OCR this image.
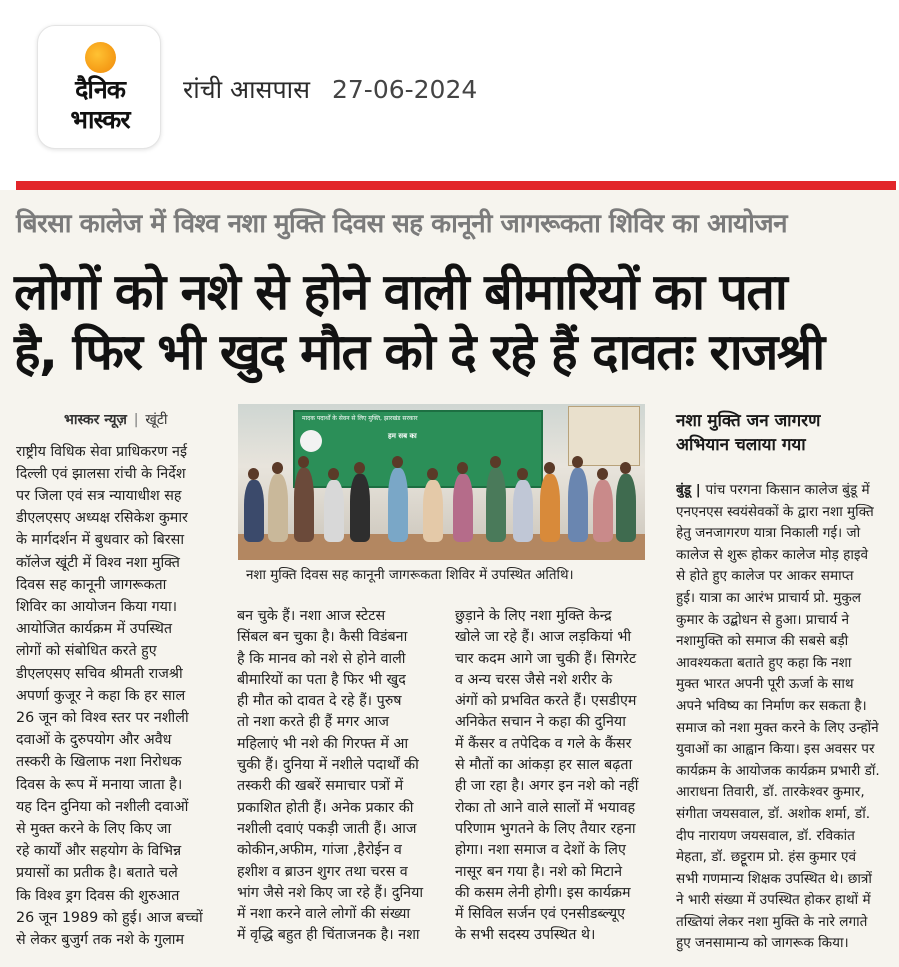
दैनिक
भास्कर
रांची आसपास 27-06-2024
बिरसा कालेज में विश्व नशा मुक्ति दिवस सह कानूनी जागरूकता शिविर का आयोजन
लोगों को नशे से होने वाली बीमारियों का पता
है, फिर भी खुद मौत को दे रहे हैं दावतः राजश्री
भास्कर न्यूज़ | खूंटी
राष्ट्रीय विधिक सेवा प्राधिकरण नई
दिल्ली एवं झालसा रांची के निर्देश
पर जिला एवं सत्र न्यायाधीश सह
डीएलएसए अध्यक्ष रसिकेश कुमार
के मार्गदर्शन में बुधवार को बिरसा
कॉलेज खूंटी में विश्व नशा मुक्ति
दिवस सह कानूनी जागरूकता
शिविर का आयोजन किया गया।
आयोजित कार्यक्रम में उपस्थित
लोगों को संबोधित करते हुए
डीएलएसए सचिव श्रीमती राजश्री
अपर्णा कुजूर ने कहा कि हर साल
26 जून को विश्व स्तर पर नशीली
दवाओं के दुरुपयोग और अवैध
तस्करी के खिलाफ नशा निरोधक
दिवस के रूप में मनाया जाता है।
यह दिन दुनिया को नशीली दवाओं
से मुक्त करने के लिए किए जा
रहे कार्यों और सहयोग के विभिन्न
प्रयासों का प्रतीक है। बताते चले
कि विश्व ड्रग दिवस की शुरुआत
26 जून 1989 को हुई। आज बच्चों
से लेकर बुजुर्ग तक नशे के गुलाम
मादक पदार्थों के सेवन से लिए मुक्ति, झारखंड सरकार
हम सब का
नशा मुक्ति दिवस सह कानूनी जागरूकता शिविर में उपस्थित अतिथि।
बन चुके हैं। नशा आज स्टेटस
सिंबल बन चुका है। कैसी विडंबना
है कि मानव को नशे से होने वाली
बीमारियों का पता है फिर भी खुद
ही मौत को दावत दे रहे हैं। पुरुष
तो नशा करते ही हैं मगर आज
महिलाएं भी नशे की गिरफ्त में आ
चुकी हैं। दुनिया में नशीले पदार्थों की
तस्करी की खबरें समाचार पत्रों में
प्रकाशित होती हैं। अनेक प्रकार की
नशीली दवाएं पकड़ी जाती हैं। आज
कोकीन,अफीम, गांजा ,हैरोईन व
हशीश व ब्राउन शुगर तथा चरस व
भांग जैसे नशे किए जा रहे हैं। दुनिया
में नशा करने वाले लोगों की संख्या
में वृद्धि बहुत ही चिंताजनक है। नशा
छुड़ाने के लिए नशा मुक्ति केन्द्र
खोले जा रहे हैं। आज लड़कियां भी
चार कदम आगे जा चुकी हैं। सिगरेट
व अन्य चरस जैसे नशे शरीर के
अंगों को प्रभवित करते हैं। एसडीएम
अनिकेत सचान ने कहा की दुनिया
में कैंसर व तपेदिक व गले के कैंसर
से मौतों का आंकड़ा हर साल बढ़ता
ही जा रहा है। अगर इन नशे को नहीं
रोका तो आने वाले सालों में भयावह
परिणाम भुगतने के लिए तैयार रहना
होगा। नशा समाज व देशों के लिए
नासूर बन गया है। नशे को मिटाने
की कसम लेनी होगी। इस कार्यक्रम
में सिविल सर्जन एवं एनसीडब्ल्यूए
के सभी सदस्य उपस्थित थे।
नशा मुक्ति जन जागरण
अभियान चलाया गया
बुंडू | पांच परगना किसान कालेज बुंडू में
एनएनएस स्वयंसेवकों के द्वारा नशा मुक्ति
हेतु जनजागरण यात्रा निकाली गई। जो
कालेज से शुरू होकर कालेज मोड़ हाइवे
से होते हुए कालेज पर आकर समाप्त
हुई। यात्रा का आरंभ प्राचार्य प्रो. मुकुल
कुमार के उद्बोधन से हुआ। प्राचार्य ने
नशामुक्ति को समाज की सबसे बड़ी
आवश्यकता बताते हुए कहा कि नशा
मुक्त भारत अपनी पूरी ऊर्जा के साथ
अपने भविष्य का निर्माण कर सकता है।
समाज को नशा मुक्त करने के लिए उन्होंने
युवाओं का आह्वान किया। इस अवसर पर
कार्यक्रम के आयोजक कार्यक्रम प्रभारी डॉ.
आराधना तिवारी, डॉ. तारकेश्वर कुमार,
संगीता जयसवाल, डॉ. अशोक शर्मा, डॉ.
दीप नारायण जयसवाल, डॉ. रविकांत
मेहता, डॉ. छट्टूराम प्रो. हंस कुमार एवं
सभी गणमान्य शिक्षक उपस्थित थे। छात्रों
ने भारी संख्या में उपस्थित होकर हाथों में
तख्तियां लेकर नशा मुक्ति के नारे लगाते
हुए जनसामान्य को जागरूक किया।
